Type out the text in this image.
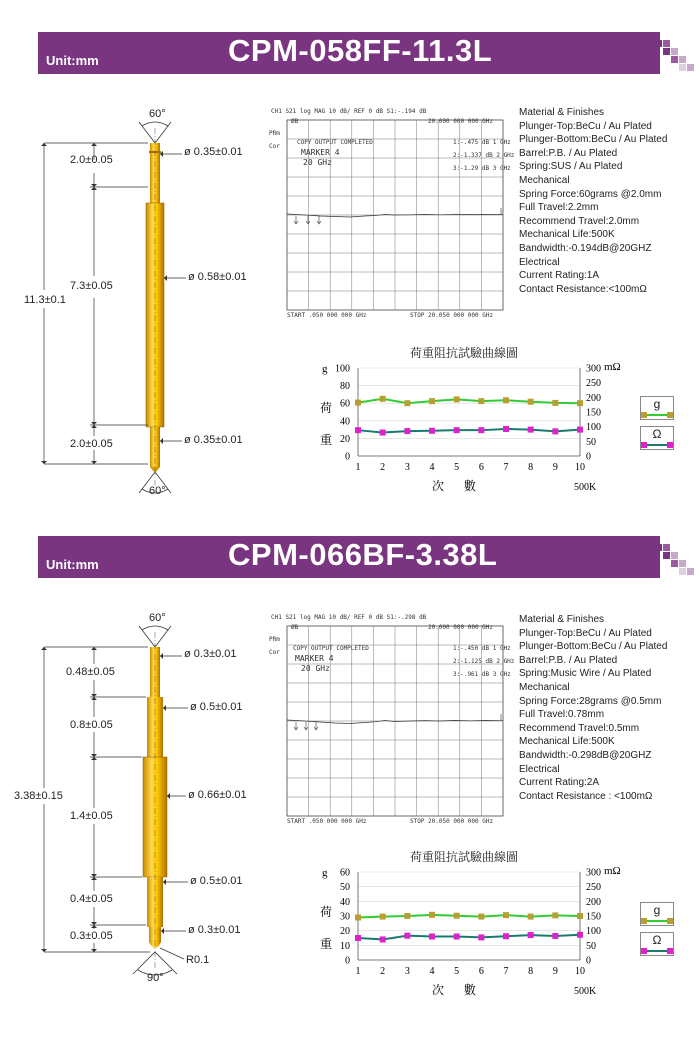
Unit:mm	CPM-058FF-11.3L
60°
60°
2.0±0.05
7.3±0.05
2.0±0.05
11.3±0.1
ø 0.35±0.01
ø 0.58±0.01
ø 0.35±0.01
CH1 S21 log MAG 10 dB/ REF 0 dB S1:-.194 dB
20.000 000 000 GHz
ØB
PRm
Cor
COPY OUTPUT COMPLETED
MARKER 4
20 GHz
1:-.475 dB 1 GHz
2:-1.337 dB 2 GHz
3:-1.29 dB 3 GHz
START .050 000 000 GHz	STOP 20.050 000 000 GHz
Material & Finishes
Plunger-Top:BeCu / Au Plated
Plunger-Bottom:BeCu / Au Plated
Barrel:P.B. / Au Plated
Spring:SUS / Au Plated
Mechanical
Spring Force:60grams @2.0mm
Full Travel:2.2mm
Recommend Travel:2.0mm
Mechanical Life:500K
Bandwidth:-0.194dB@20GHZ
Electrical
Current Rating:1A
Contact Resistance:<100mΩ
荷重阻抗試驗曲線圖
0
20
40
60
80
100
0
50
100
150
200
250
300
1 2 3 4 5 6 7 8 9 10
g	mΩ
荷
重
次 數	500K
g
Ω
Unit:mm	CPM-066BF-3.38L
60°
90°
0.48±0.05
0.8±0.05
1.4±0.05
0.4±0.05
0.3±0.05
3.38±0.15
ø 0.3±0.01
ø 0.5±0.01
ø 0.66±0.01
ø 0.5±0.01
ø 0.3±0.01
R0.1
CH1 S21 log MAG 10 dB/ REF 0 dB S1:-.298 dB
20.000 000 000 GHz
ØB
PRm
Cor
COPY OUTPUT COMPLETED
MARKER 4
20 GHz
1:-.450 dB 1 GHz
2:-1.125 dB 2 GHz
3:-.961 dB 3 GHz
START .050 000 000 GHz	STOP 20.050 000 000 GHz
Material & Finishes
Plunger-Top:BeCu / Au Plated
Plunger-Bottom:BeCu / Au Plated
Barrel:P.B. / Au Plated
Spring:Music Wire / Au Plated
Mechanical
Spring Force:28grams @0.5mm
Full Travel:0.78mm
Recommend Travel:0.5mm
Mechanical Life:500K
Bandwidth:-0.298dB@20GHZ
Electrical
Current Rating:2A
Contact Resistance : <100mΩ
荷重阻抗試驗曲線圖
0
10
20
30
40
50
60
0
50
100
150
200
250
300
1 2 3 4 5 6 7 8 9 10
g	mΩ
荷
重
次 數	500K
g
Ω
